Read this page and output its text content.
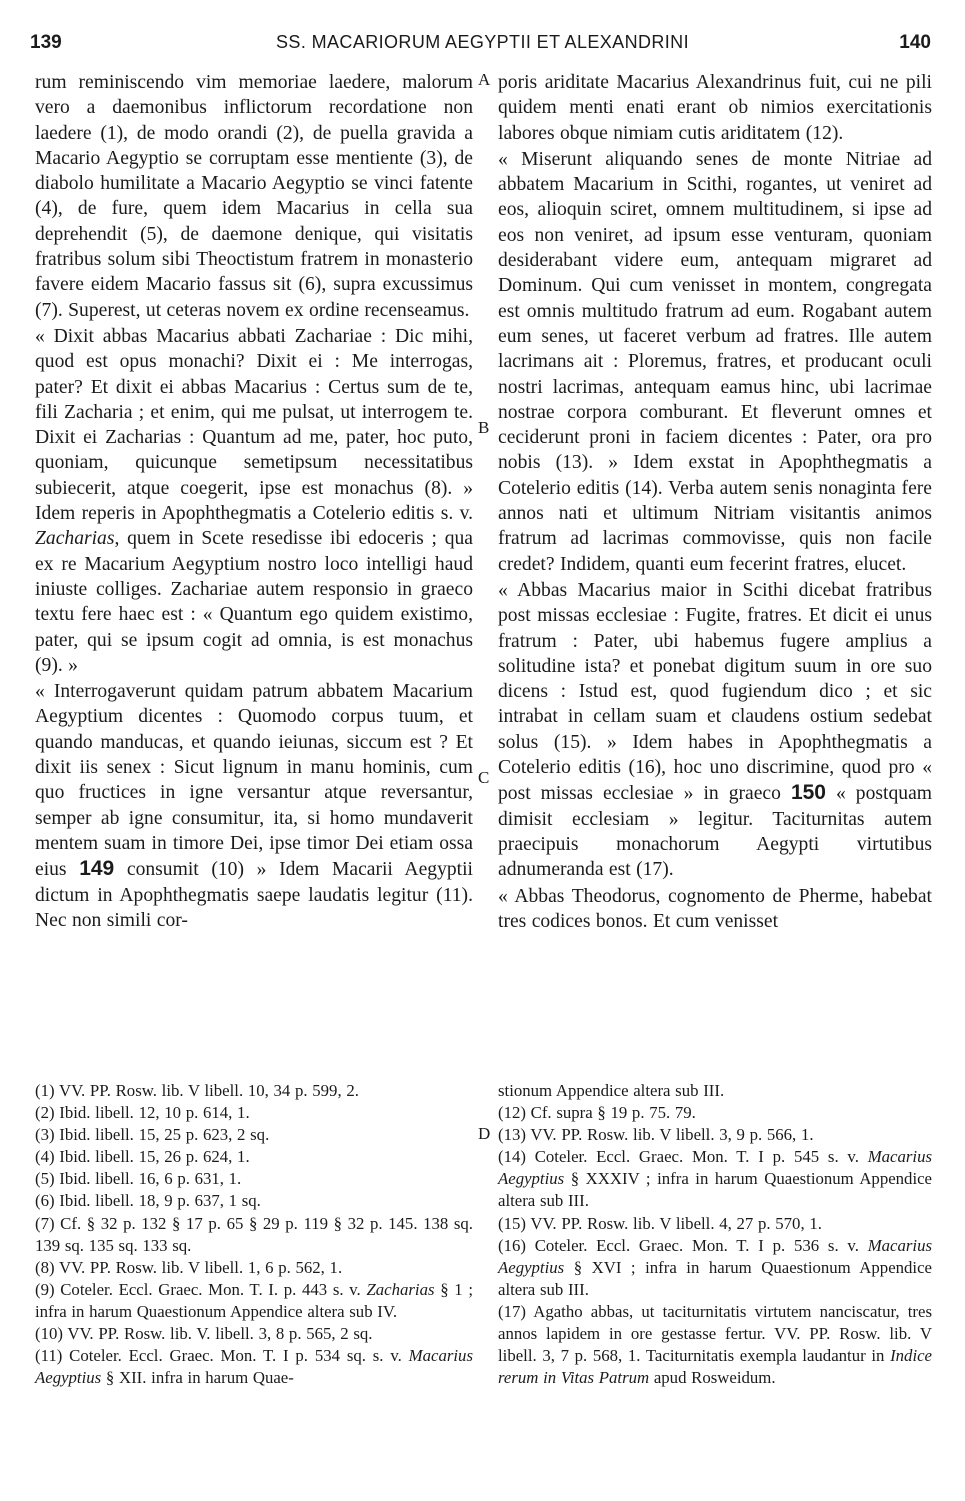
139	SS. MACARIORUM AEGYPTII ET ALEXANDRINI	140
A
B
C
D

rum reminiscendo vim memoriae laedere, malorum vero a daemonibus inflictorum recordatione non laedere (1), de modo orandi (2), de puella gravida a Macario Aegyptio se corruptam esse mentiente (3), de diabolo humilitate a Macario Aegyptio se vinci fatente (4), de fure, quem idem Macarius in cella sua deprehendit (5), de daemone denique, qui visitatis fratribus solum sibi Theoctistum fratrem in monasterio favere eidem Macario fassus sit (6), supra excussimus (7). Superest, ut ceteras novem ex ordine recenseamus.

« Dixit abbas Macarius abbati Zachariae : Dic mihi, quod est opus monachi? Dixit ei : Me interrogas, pater? Et dixit ei abbas Macarius : Certus sum de te, fili Zacharia ; et enim, qui me pulsat, ut interrogem te. Dixit ei Zacharias : Quantum ad me, pater, hoc puto, quoniam, quicunque semetipsum necessitatibus subiecerit, atque coegerit, ipse est monachus (8). » Idem reperis in Apophthegmatis a Cotelerio editis s. v. Zacharias, quem in Scete resedisse ibi edoceris ; qua ex re Macarium Aegyptium nostro loco intelligi haud iniuste colliges. Zachariae autem responsio in graeco textu fere haec est : « Quantum ego quidem existimo, pater, qui se ipsum cogit ad omnia, is est monachus (9). »

« Interrogaverunt quidam patrum abbatem Macarium Aegyptium dicentes : Quomodo corpus tuum, et quando manducas, et quando ieiunas, siccum est ? Et dixit iis senex : Sicut lignum in manu hominis, cum quo fructices in igne versantur atque reversantur, semper ab igne consumitur, ita, si homo mundaverit mentem suam in timore Dei, ipse timor Dei etiam ossa eius 149 consumit (10) » Idem Macarii Aegyptii dictum in Apophthegmatis saepe laudatis legitur (11). Nec non simili cor-

poris ariditate Macarius Alexandrinus fuit, cui ne pili quidem menti enati erant ob nimios exercitationis labores obque nimiam cutis ariditatem (12).

« Miserunt aliquando senes de monte Nitriae ad abbatem Macarium in Scithi, rogantes, ut veniret ad eos, alioquin sciret, omnem multitudinem, si ipse ad eos non veniret, ad ipsum esse venturam, quoniam desiderabant videre eum, antequam migraret ad Dominum. Qui cum venisset in montem, congregata est omnis multitudo fratrum ad eum. Rogabant autem eum senes, ut faceret verbum ad fratres. Ille autem lacrimans ait : Ploremus, fratres, et producant oculi nostri lacrimas, antequam eamus hinc, ubi lacrimae nostrae corpora comburant. Et fleverunt omnes et ceciderunt proni in faciem dicentes : Pater, ora pro nobis (13). » Idem exstat in Apophthegmatis a Cotelerio editis (14). Verba autem senis nonaginta fere annos nati et ultimum Nitriam visitantis animos fratrum ad lacrimas commovisse, quis non facile credet? Indidem, quanti eum fecerint fratres, elucet.

« Abbas Macarius maior in Scithi dicebat fratribus post missas ecclesiae : Fugite, fratres. Et dicit ei unus fratrum : Pater, ubi habemus fugere amplius a solitudine ista? et ponebat digitum suum in ore suo dicens : Istud est, quod fugiendum dico ; et sic intrabat in cellam suam et claudens ostium sedebat solus (15). » Idem habes in Apophthegmatis a Cotelerio editis (16), hoc uno discrimine, quod pro « post missas ecclesiae » in graeco 150 « postquam dimisit ecclesiam » legitur. Taciturnitas autem praecipuis monachorum Aegypti virtutibus adnumeranda est (17).

« Abbas Theodorus, cognomento de Pherme, habebat tres codices bonos. Et cum venisset

(1) VV. PP. Rosw. lib. V libell. 10, 34 p. 599, 2.

(2) Ibid. libell. 12, 10 p. 614, 1.

(3) Ibid. libell. 15, 25 p. 623, 2 sq.

(4) Ibid. libell. 15, 26 p. 624, 1.

(5) Ibid. libell. 16, 6 p. 631, 1.

(6) Ibid. libell. 18, 9 p. 637, 1 sq.

(7) Cf. § 32 p. 132 § 17 p. 65 § 29 p. 119 § 32 p. 145. 138 sq. 139 sq. 135 sq. 133 sq.

(8) VV. PP. Rosw. lib. V libell. 1, 6 p. 562, 1.

(9) Coteler. Eccl. Graec. Mon. T. I. p. 443 s. v. Zacharias § 1 ; infra in harum Quaestionum Appendice altera sub IV.

(10) VV. PP. Rosw. lib. V. libell. 3, 8 p. 565, 2 sq.

(11) Coteler. Eccl. Graec. Mon. T. I p. 534 sq. s. v. Macarius Aegyptius § XII. infra in harum Quae-

stionum Appendice altera sub III.

(12) Cf. supra § 19 p. 75. 79.

(13) VV. PP. Rosw. lib. V libell. 3, 9 p. 566, 1.

(14) Coteler. Eccl. Graec. Mon. T. I p. 545 s. v. Macarius Aegyptius § XXXIV ; infra in harum Quaestionum Appendice altera sub III.

(15) VV. PP. Rosw. lib. V libell. 4, 27 p. 570, 1.

(16) Coteler. Eccl. Graec. Mon. T. I p. 536 s. v. Macarius Aegyptius § XVI ; infra in harum Quaestionum Appendice altera sub III.

(17) Agatho abbas, ut taciturnitatis virtutem nanciscatur, tres annos lapidem in ore gestasse fertur. VV. PP. Rosw. lib. V libell. 3, 7 p. 568, 1. Taciturnitatis exempla laudantur in Indice rerum in Vitas Patrum apud Rosweidum.
